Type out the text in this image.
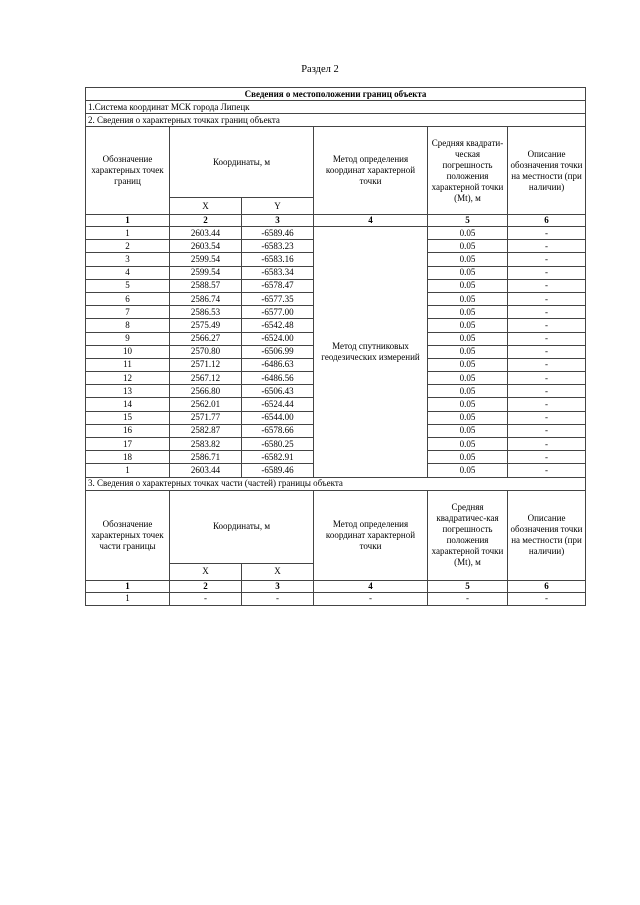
Раздел 2
Сведения о местоположении границ объекта					
1.Система координат МСК города Липецк					
2. Сведения о характерных точках границ объекта					
Обозначение характерных точек границ	Координаты, м		Метод определения координат характерной точки	Средняя квадрати-ческая погрешность положения характерной точки (Mt), м	Описание обозначения точки на местности (при наличии)
	X	Y			
1	2	3	4	5	6
1	2603.44	-6589.46	Метод спутниковых геодезических измерений	0.05	-
2	2603.54	-6583.23		0.05	-
3	2599.54	-6583.16		0.05	-
4	2599.54	-6583.34		0.05	-
5	2588.57	-6578.47		0.05	-
6	2586.74	-6577.35		0.05	-
7	2586.53	-6577.00		0.05	-
8	2575.49	-6542.48		0.05	-
9	2566.27	-6524.00		0.05	-
10	2570.80	-6506.99		0.05	-
11	2571.12	-6486.63		0.05	-
12	2567.12	-6486.56		0.05	-
13	2566.80	-6506.43		0.05	-
14	2562.01	-6524.44		0.05	-
15	2571.77	-6544.00		0.05	-
16	2582.87	-6578.66		0.05	-
17	2583.82	-6580.25		0.05	-
18	2586.71	-6582.91		0.05	-
1	2603.44	-6589.46		0.05	-
3. Сведения о характерных точках части (частей) границы объекта					
Обозначение характерных точек части границы	Координаты, м		Метод определения координат характерной точки	Средняя квадратичес-кая погрешность положения характерной точки (Mt), м	Описание обозначения точки на местности (при наличии)
	X	X			
1	2	3	4	5	6
1	-	-	-	-	-
